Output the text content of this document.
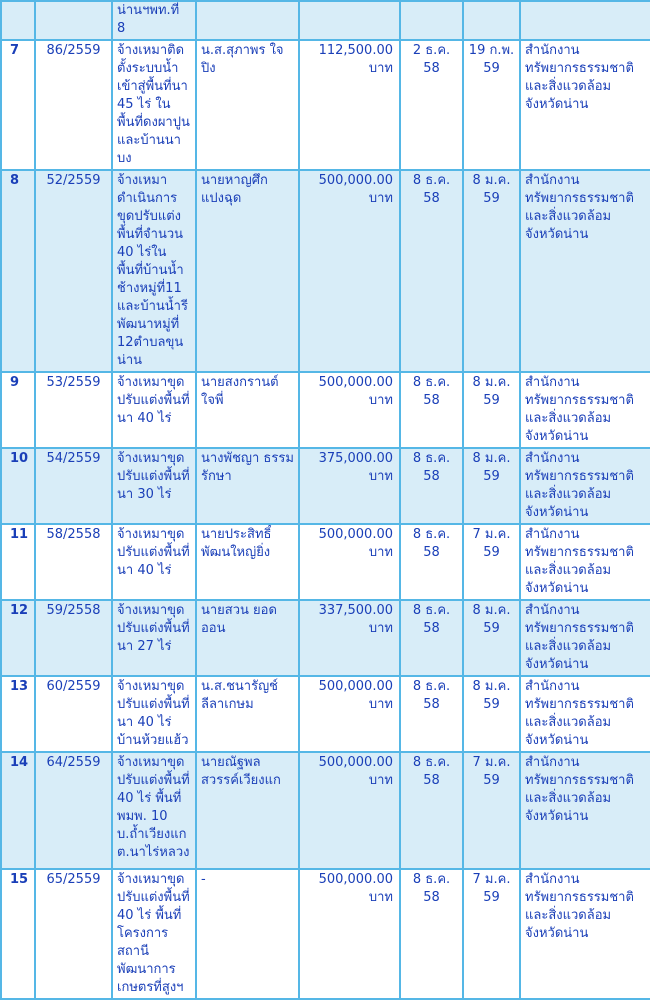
		น่านฯพท.ที่ 8					
7	86/2559	จ้างเหมาติดตั้งระบบน้ำเข้าสู่พื้นที่นา 45 ไร่ ในพื้นที่ดงผาปูน และบ้านนาบง	น.ส.สุภาพร ใจปิง	112,500.00 บาท	2 ธ.ค. 58	19 ก.พ. 59	สำนักงานทรัพยากรธรรมชาติและสิ่งแวดล้อมจังหวัดน่าน
8	52/2559	จ้างเหมาดำเนินการขุดปรับแต่งพื้นที่จำนวน 40 ไร่ในพื้นที่บ้านน้ำช้างหมู่ที่11 และบ้านน้ำรีพัฒนาหมู่ที่ 12ตำบลขุนน่าน	นายหาญศึก แปงฉุด	500,000.00 บาท	8 ธ.ค. 58	8 ม.ค. 59	สำนักงานทรัพยากรธรรมชาติและสิ่งแวดล้อมจังหวัดน่าน
9	53/2559	จ้างเหมาขุดปรับแต่งพื้นที่นา 40 ไร่	นายสงกรานต์ ใจพี่	500,000.00 บาท	8 ธ.ค. 58	8 ม.ค. 59	สำนักงานทรัพยากรธรรมชาติและสิ่งแวดล้อมจังหวัดน่าน
10	54/2559	จ้างเหมาขุดปรับแต่งพื้นที่นา 30 ไร่	นางพัชญา ธรรมรักษา	375,000.00 บาท	8 ธ.ค. 58	8 ม.ค. 59	สำนักงานทรัพยากรธรรมชาติและสิ่งแวดล้อมจังหวัดน่าน
11	58/2558	จ้างเหมาขุดปรับแต่งพื้นที่นา 40 ไร่	นายประสิทธิ์ พัฒนใหญ่ยิ่ง	500,000.00 บาท	8 ธ.ค. 58	7 ม.ค. 59	สำนักงานทรัพยากรธรรมชาติและสิ่งแวดล้อมจังหวัดน่าน
12	59/2558	จ้างเหมาขุดปรับแต่งพื้นที่นา 27 ไร่	นายสวน ยอดออน	337,500.00 บาท	8 ธ.ค. 58	8 ม.ค. 59	สำนักงานทรัพยากรธรรมชาติและสิ่งแวดล้อมจังหวัดน่าน
13	60/2559	จ้างเหมาขุดปรับแต่งพื้นที่นา 40 ไร่ บ้านห้วยแฮ้ว	น.ส.ชนารัญช์ ลีลาเกษม	500,000.00 บาท	8 ธ.ค. 58	8 ม.ค. 59	สำนักงานทรัพยากรธรรมชาติและสิ่งแวดล้อมจังหวัดน่าน
14	64/2559	จ้างเหมาขุดปรับแต่งพื้นที่ 40 ไร่ พื้นที่ พมพ. 10 บ.ถ้ำเวียงแก ต.นาไร่หลวง	นายณัฐพล สวรรค์เวียงแก	500,000.00 บาท	8 ธ.ค. 58	7 ม.ค. 59	สำนักงานทรัพยากรธรรมชาติและสิ่งแวดล้อมจังหวัดน่าน
15	65/2559	จ้างเหมาขุดปรับแต่งพื้นที่ 40 ไร่ พื้นที่โครงการสถานีพัฒนาการเกษตรที่สูงฯ	-	500,000.00 บาท	8 ธ.ค. 58	7 ม.ค. 59	สำนักงานทรัพยากรธรรมชาติและสิ่งแวดล้อมจังหวัดน่าน
